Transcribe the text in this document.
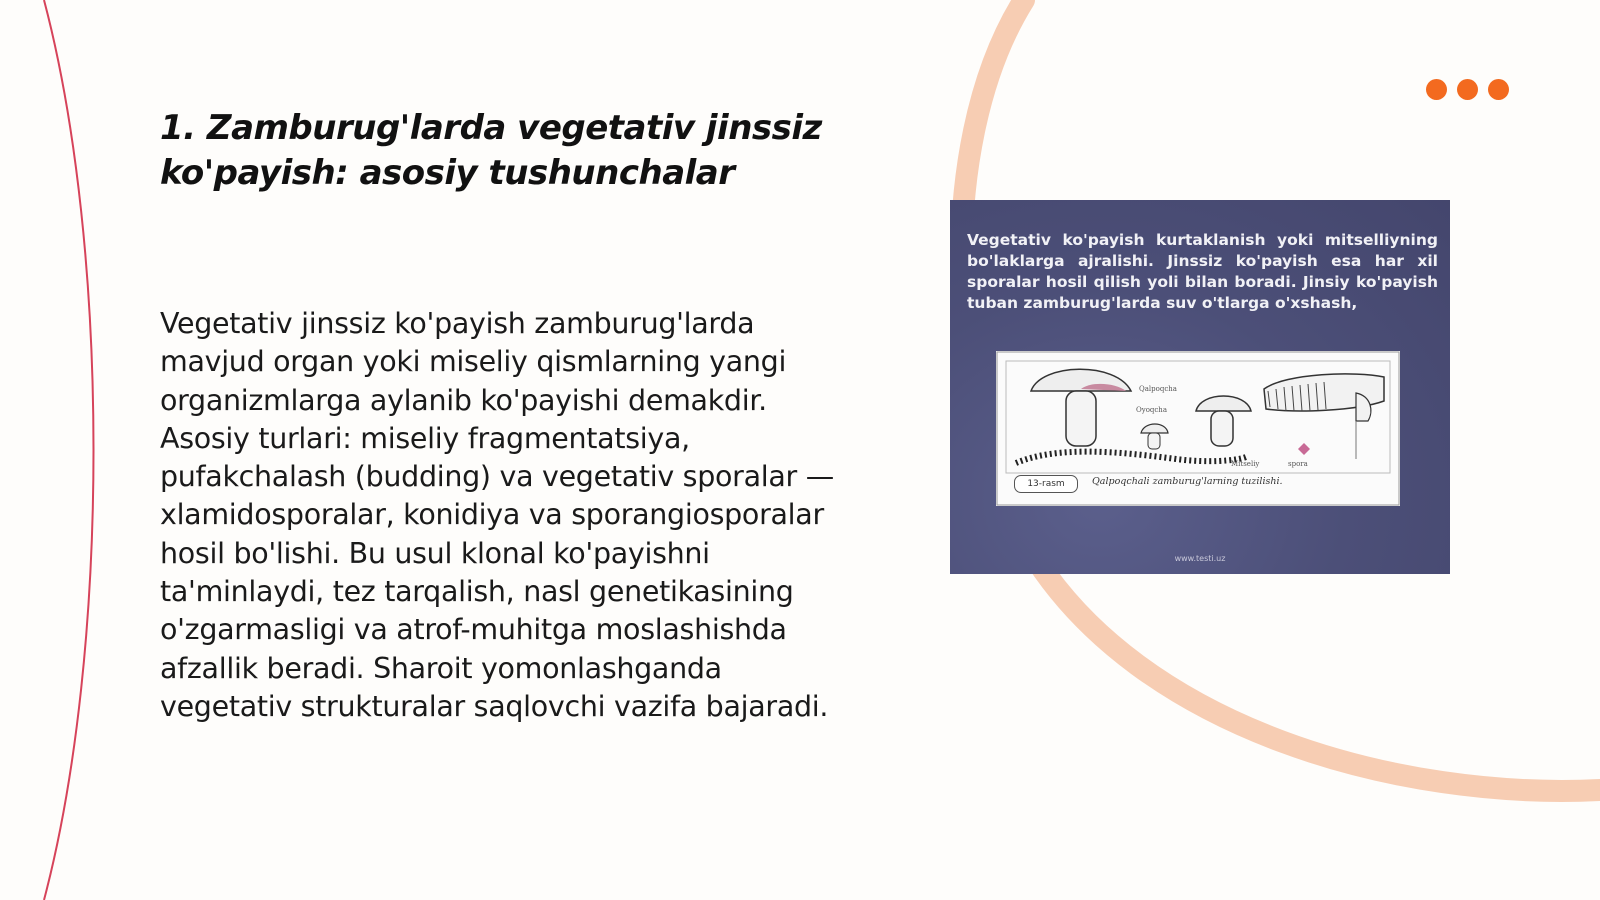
1. Zamburug'larda vegetativ jinssiz ko'payish: asosiy tushunchalar

Vegetativ jinssiz ko'payish zamburug'larda mavjud organ yoki miseliy qismlarning yangi organizmlarga aylanib ko'payishi demakdir. Asosiy turlari: miseliy fragmentatsiya, pufakchalash (budding) va vegetativ sporalar — xlamidosporalar, konidiya va sporangiosporalar hosil bo'lishi. Bu usul klonal ko'payishni ta'minlaydi, tez tarqalish, nasl genetikasining o'zgarmasligi va atrof-muhitga moslashishda afzallik beradi. Sharoit yomonlashganda vegetativ strukturalar saqlovchi vazifa bajaradi.

Vegetativ ko'payish kurtaklanish yoki mitselliyning bo'laklarga ajralishi. Jinssiz ko'payish esa har xil sporalar hosil qilish yoli bilan boradi. Jinsiy ko'payish tuban zamburug'larda suv o'tlarga o'xshash,

Qalpoqcha
Oyoqcha
Mitseliy	spora
13-rasm	Qalpoqchali zamburug'larning tuzilishi.
www.testi.uz
